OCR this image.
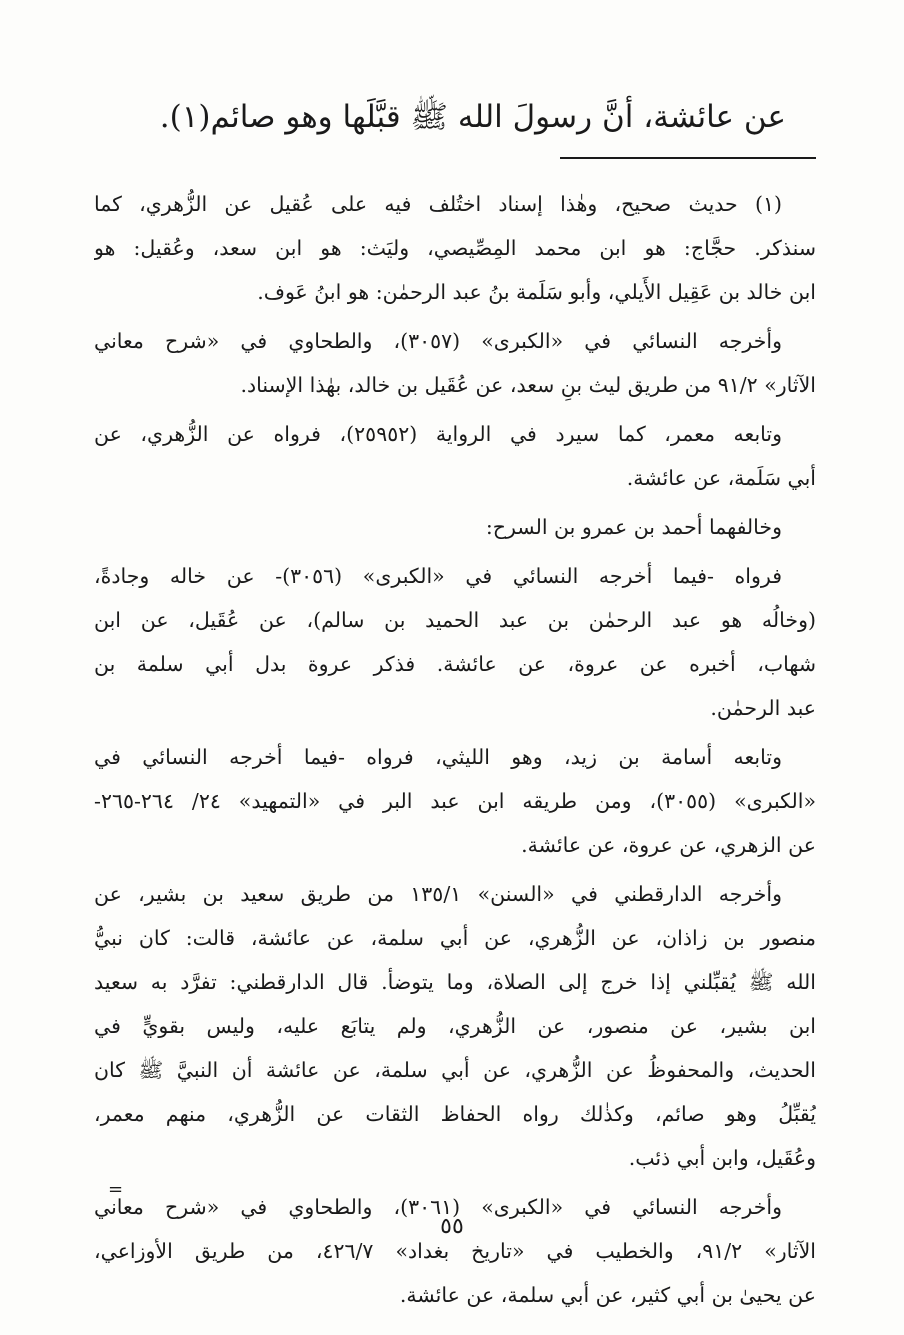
عن عائشة، أنَّ رسولَ الله ﷺ قبَّلَها وهو صائم(١).
(١) حديث صحيح، وهٰذا إسناد اختُلف فيه على عُقيل عن الزُّهري، كما
سنذكر. حجَّاج: هو ابن محمد المِصِّيصي، وليَث: هو ابن سعد، وعُقيل: هو
ابن خالد بن عَقِيل الأَيلي، وأبو سَلَمة بنُ عبد الرحمٰن: هو ابنُ عَوف.
وأخرجه النسائي في «الكبرى» (٣٠٥٧)، والطحاوي في «شرح معاني
الآثار» ٩١/٢ من طريق ليث بنِ سعد، عن عُقَيل بن خالد، بهٰذا الإسناد.
وتابعه معمر، كما سيرد في الرواية (٢٥٩٥٢)، فرواه عن الزُّهري، عن
أبي سَلَمة، عن عائشة.
وخالفهما أحمد بن عمرو بن السرح:
فرواه -فيما أخرجه النسائي في «الكبرى» (٣٠٥٦)- عن خاله وجادةً،
(وخالُه هو عبد الرحمٰن بن عبد الحميد بن سالم)، عن عُقَيل، عن ابن
شهاب، أخبره عن عروة، عن عائشة. فذكر عروة بدل أبي سلمة بن
عبد الرحمٰن.
وتابعه أسامة بن زيد، وهو الليثي، فرواه -فيما أخرجه النسائي في
«الكبرى» (٣٠٥٥)، ومن طريقه ابن عبد البر في «التمهيد» ٢٤/ ٢٦٤-٢٦٥-
عن الزهري، عن عروة، عن عائشة.
وأخرجه الدارقطني في «السنن» ١٣٥/١ من طريق سعيد بن بشير، عن
منصور بن زاذان، عن الزُّهري، عن أبي سلمة، عن عائشة، قالت: كان نبيُّ
الله ﷺ يُقبِّلني إذا خرج إلى الصلاة، وما يتوضأ. قال الدارقطني: تفرَّد به سعيد
ابن بشير، عن منصور، عن الزُّهري، ولم يتابَع عليه، وليس بقويٍّ في
الحديث، والمحفوظُ عن الزُّهري، عن أبي سلمة، عن عائشة أن النبيَّ ﷺ كان
يُقبِّلُ وهو صائم، وكذٰلك رواه الحفاظ الثقات عن الزُّهري، منهم معمر،
وعُقَيل، وابن أبي ذئب.
وأخرجه النسائي في «الكبرى» (٣٠٦١)، والطحاوي في «شرح معاني
الآثار» ٩١/٢، والخطيب في «تاريخ بغداد» ٤٢٦/٧، من طريق الأوزاعي،
عن يحيىٰ بن أبي كثير، عن أبي سلمة، عن عائشة.
=
٥٥
